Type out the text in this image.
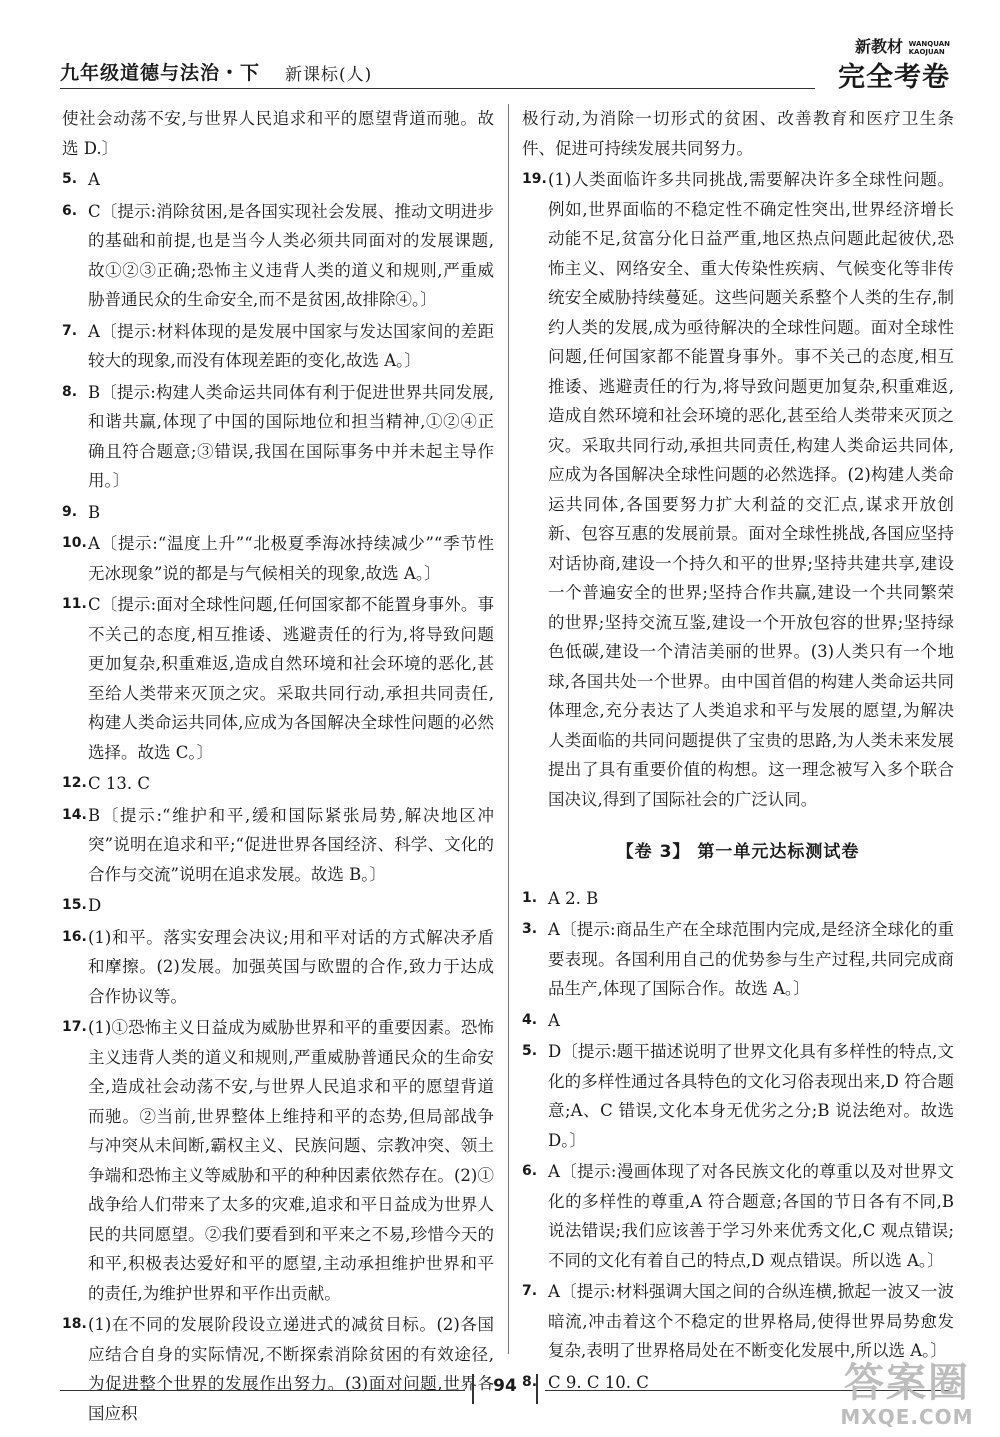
九年级道德与法治・下 新课标(人)
新教材 WANQUAN
KAOJUAN
完全考卷
使社会动荡不安,与世界人民追求和平的愿望背道而驰。故选 D.〕
5. A
6. C〔提示:消除贫困,是各国实现社会发展、推动文明进步的基础和前提,也是当今人类必须共同面对的发展课题,故①②③正确;恐怖主义违背人类的道义和规则,严重威胁普通民众的生命安全,而不是贫困,故排除④。〕
7. A〔提示:材料体现的是发展中国家与发达国家间的差距较大的现象,而没有体现差距的变化,故选 A。〕
8. B〔提示:构建人类命运共同体有利于促进世界共同发展,和谐共赢,体现了中国的国际地位和担当精神,①②④正确且符合题意;③错误,我国在国际事务中并未起主导作用。〕
9. B
10. A〔提示:“温度上升”“北极夏季海冰持续减少”“季节性无冰现象”说的都是与气候相关的现象,故选 A。〕
11. C〔提示:面对全球性问题,任何国家都不能置身事外。事不关己的态度,相互推诿、逃避责任的行为,将导致问题更加复杂,积重难返,造成自然环境和社会环境的恶化,甚至给人类带来灭顶之灾。采取共同行动,承担共同责任,构建人类命运共同体,应成为各国解决全球性问题的必然选择。故选 C。〕
12. C 13. C
14. B〔提示:“维护和平,缓和国际紧张局势,解决地区冲突”说明在追求和平;“促进世界各国经济、科学、文化的合作与交流”说明在追求发展。故选 B。〕
15. D
16. (1)和平。落实安理会决议;用和平对话的方式解决矛盾和摩擦。(2)发展。加强英国与欧盟的合作,致力于达成合作协议等。
17. (1)①恐怖主义日益成为威胁世界和平的重要因素。恐怖主义违背人类的道义和规则,严重威胁普通民众的生命安全,造成社会动荡不安,与世界人民追求和平的愿望背道而驰。②当前,世界整体上维持和平的态势,但局部战争与冲突从未间断,霸权主义、民族问题、宗教冲突、领土争端和恐怖主义等威胁和平的种种因素依然存在。(2)①战争给人们带来了太多的灾难,追求和平日益成为世界人民的共同愿望。②我们要看到和平来之不易,珍惜今天的和平,积极表达爱好和平的愿望,主动承担维护世界和平的责任,为维护世界和平作出贡献。
18. (1)在不同的发展阶段设立递进式的减贫目标。(2)各国应结合自身的实际情况,不断探索消除贫困的有效途径,为促进整个世界的发展作出努力。(3)面对问题,世界各国应积
极行动,为消除一切形式的贫困、改善教育和医疗卫生条件、促进可持续发展共同努力。
19. (1)人类面临许多共同挑战,需要解决许多全球性问题。例如,世界面临的不稳定性不确定性突出,世界经济增长动能不足,贫富分化日益严重,地区热点问题此起彼伏,恐怖主义、网络安全、重大传染性疾病、气候变化等非传统安全威胁持续蔓延。这些问题关系整个人类的生存,制约人类的发展,成为亟待解决的全球性问题。面对全球性问题,任何国家都不能置身事外。事不关己的态度,相互推诿、逃避责任的行为,将导致问题更加复杂,积重难返,造成自然环境和社会环境的恶化,甚至给人类带来灭顶之灾。采取共同行动,承担共同责任,构建人类命运共同体,应成为各国解决全球性问题的必然选择。(2)构建人类命运共同体,各国要努力扩大利益的交汇点,谋求开放创新、包容互惠的发展前景。面对全球性挑战,各国应坚持对话协商,建设一个持久和平的世界;坚持共建共享,建设一个普遍安全的世界;坚持合作共赢,建设一个共同繁荣的世界;坚持交流互鉴,建设一个开放包容的世界;坚持绿色低碳,建设一个清洁美丽的世界。(3)人类只有一个地球,各国共处一个世界。由中国首倡的构建人类命运共同体理念,充分表达了人类追求和平与发展的愿望,为解决人类面临的共同问题提供了宝贵的思路,为人类未来发展提出了具有重要价值的构想。这一理念被写入多个联合国决议,得到了国际社会的广泛认同。
【卷 3】 第一单元达标测试卷
1. A 2. B
3. A〔提示:商品生产在全球范围内完成,是经济全球化的重要表现。各国利用自己的优势参与生产过程,共同完成商品生产,体现了国际合作。故选 A。〕
4. A
5. D〔提示:题干描述说明了世界文化具有多样性的特点,文化的多样性通过各具特色的文化习俗表现出来,D 符合题意;A、C 错误,文化本身无优劣之分;B 说法绝对。故选 D。〕
6. A〔提示:漫画体现了对各民族文化的尊重以及对世界文化的多样性的尊重,A 符合题意;各国的节日各有不同,B 说法错误;我们应该善于学习外来优秀文化,C 观点错误;不同的文化有着自己的特点,D 观点错误。所以选 A。〕
7. A〔提示:材料强调大国之间的合纵连横,掀起一波又一波暗流,冲击着这个不稳定的世界格局,使得世界局势愈发复杂,表明了世界格局处在不断变化发展中,所以选 A。〕
8. C 9. C 10. C
94	答案圈
MXQE.COM
